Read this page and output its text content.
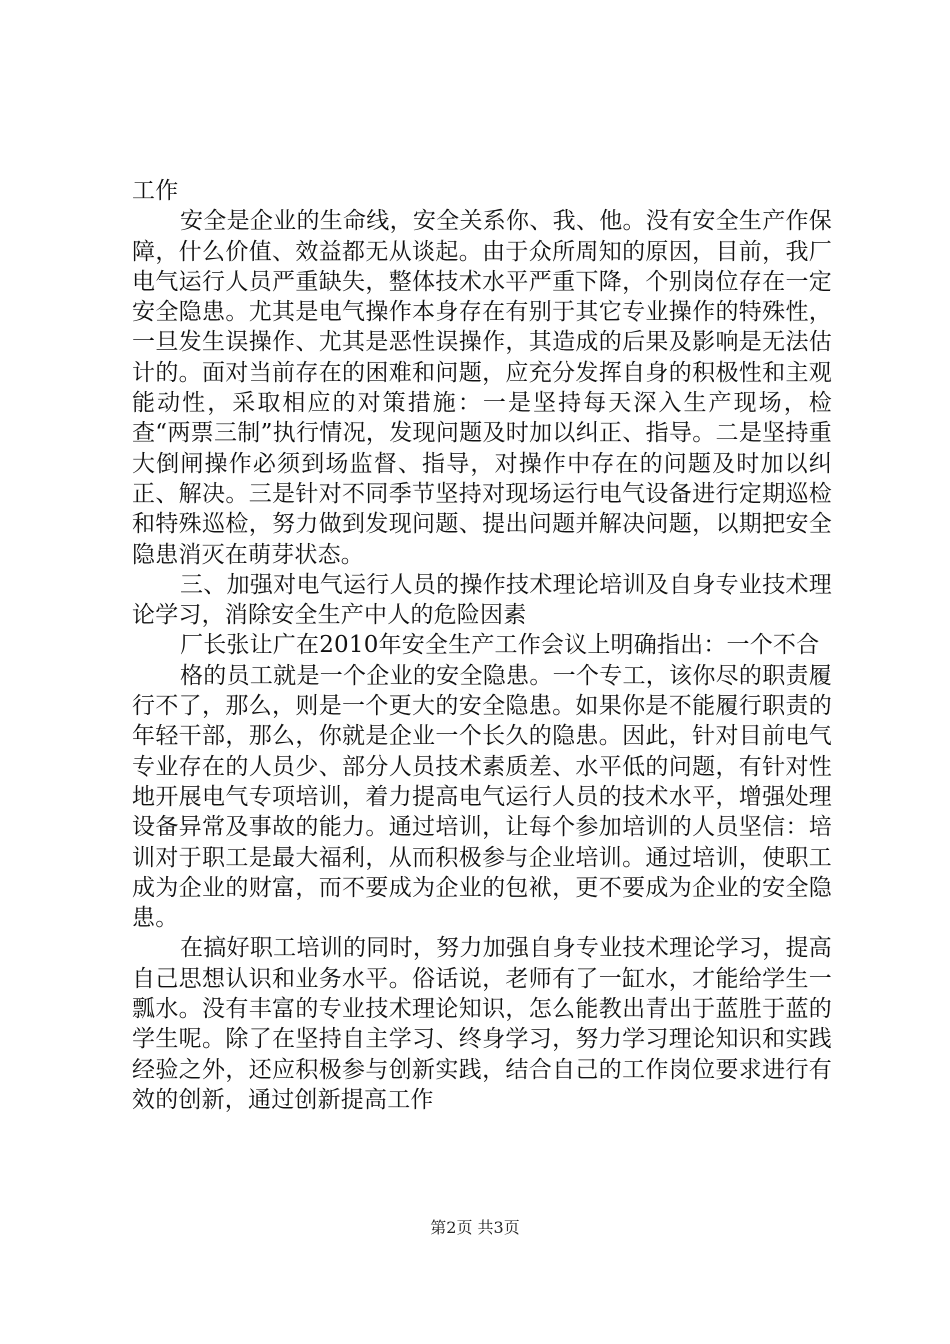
工作

安全是企业的生命线，安全关系你、我、他。没有安全生产作保障，什么价值、效益都无从谈起。由于众所周知的原因，目前，我厂电气运行人员严重缺失，整体技术水平严重下降，个别岗位存在一定安全隐患。尤其是电气操作本身存在有别于其它专业操作的特殊性，一旦发生误操作、尤其是恶性误操作，其造成的后果及影响是无法估计的。面对当前存在的困难和问题，应充分发挥自身的积极性和主观能动性，采取相应的对策措施：一是坚持每天深入生产现场，检查“两票三制”执行情况，发现问题及时加以纠正、指导。二是坚持重大倒闸操作必须到场监督、指导，对操作中存在的问题及时加以纠正、解决。三是针对不同季节坚持对现场运行电气设备进行定期巡检和特殊巡检，努力做到发现问题、提出问题并解决问题，以期把安全隐患消灭在萌芽状态。

三、加强对电气运行人员的操作技术理论培训及自身专业技术理论学习，消除安全生产中人的危险因素

厂长张让广在2010年安全生产工作会议上明确指出：一个不合

格的员工就是一个企业的安全隐患。一个专工，该你尽的职责履行不了，那么，则是一个更大的安全隐患。如果你是不能履行职责的年轻干部，那么，你就是企业一个长久的隐患。因此，针对目前电气专业存在的人员少、部分人员技术素质差、水平低的问题，有针对性地开展电气专项培训，着力提高电气运行人员的技术水平，增强处理设备异常及事故的能力。通过培训，让每个参加培训的人员坚信：培训对于职工是最大福利，从而积极参与企业培训。通过培训，使职工成为企业的财富，而不要成为企业的包袱，更不要成为企业的安全隐患。

在搞好职工培训的同时，努力加强自身专业技术理论学习，提高自己思想认识和业务水平。俗话说，老师有了一缸水，才能给学生一瓢水。没有丰富的专业技术理论知识，怎么能教出青出于蓝胜于蓝的学生呢。除了在坚持自主学习、终身学习，努力学习理论知识和实践经验之外，还应积极参与创新实践，结合自己的工作岗位要求进行有效的创新，通过创新提高工作

第2页 共3页
